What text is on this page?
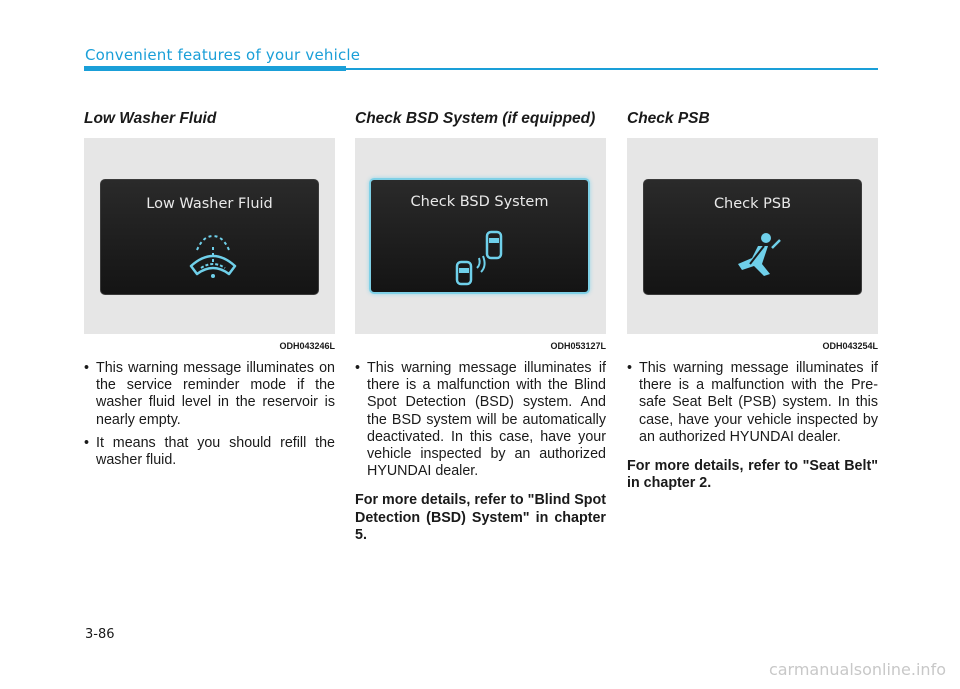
Convenient features of your vehicle
Low Washer Fluid
Low Washer Fluid
ODH043246L
• This warning message illuminates on the service reminder mode if the washer fluid level in the reservoir is nearly empty.
• It means that you should refill the washer fluid.
Check BSD System (if equipped)
Check BSD System
ODH053127L
• This warning message illuminates if there is a malfunction with the Blind Spot Detection (BSD) system. And the BSD system will be automatically deactivated. In this case, have your vehicle inspected by an authorized HYUNDAI dealer.
For more details, refer to "Blind Spot Detection (BSD) System" in chapter 5.
Check PSB
Check PSB
ODH043254L
• This warning message illuminates if there is a malfunction with the Pre-safe Seat Belt (PSB) system. In this case, have your vehicle inspected by an authorized HYUNDAI dealer.
For more details, refer to "Seat Belt" in chapter 2.
3-86
carmanualsonline.info
